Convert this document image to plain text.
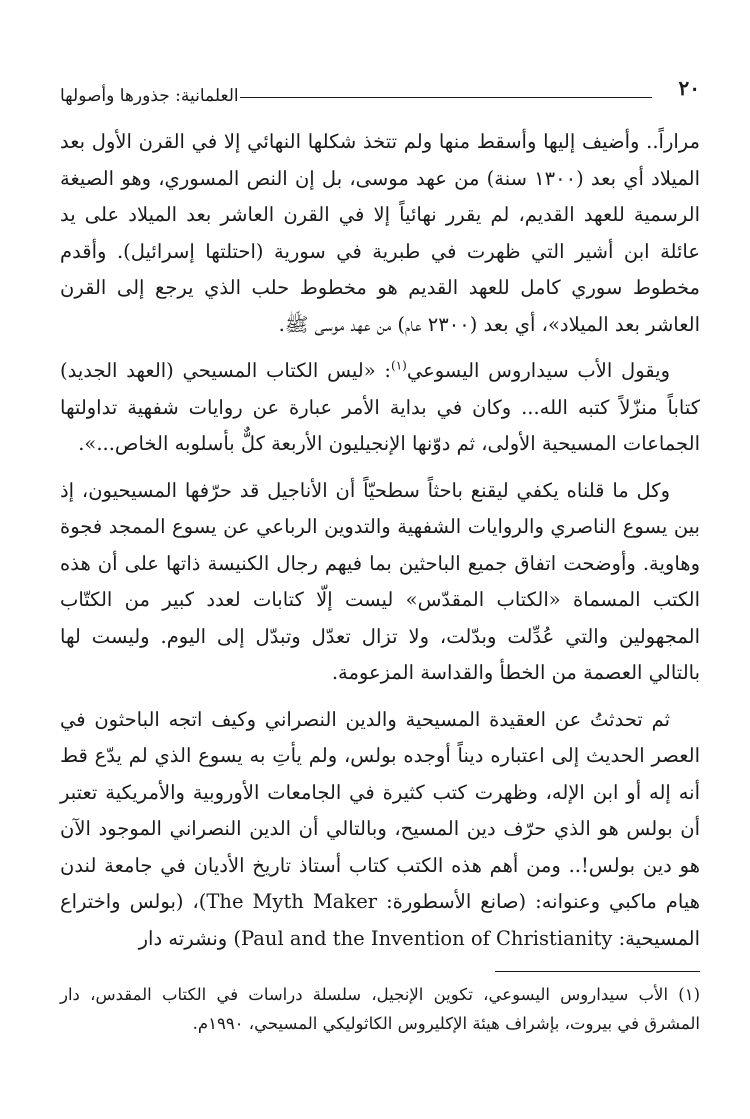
٢٠
العلمانية: جذورها وأصولها

مراراً.. وأضيف إليها وأسقط منها ولم تتخذ شكلها النهائي إلا في القرن الأول بعد الميلاد أي بعد (١٣٠٠ سنة) من عهد موسى، بل إن النص المسوري، وهو الصيغة الرسمية للعهد القديم، لم يقرر نهائياً إلا في القرن العاشر بعد الميلاد على يد عائلة ابن أشير التي ظهرت في طبرية في سورية (احتلتها إسرائيل). وأقدم مخطوط سوري كامل للعهد القديم هو مخطوط حلب الذي يرجع إلى القرن العاشر بعد الميلاد»، أي بعد (٢٣٠٠ عام) من عهد موسى ﷺ.

ويقول الأب سيداروس اليسوعي$^{(١)}$: «ليس الكتاب المسيحي (العهد الجديد) كتاباً منزّلاً كتبه الله... وكان في بداية الأمر عبارة عن روايات شفهية تداولتها الجماعات المسيحية الأولى، ثم دوّنها الإنجيليون الأربعة كلٌّ بأسلوبه الخاص...».

وكل ما قلناه يكفي ليقنع باحثاً سطحيّاً أن الأناجيل قد حرّفها المسيحيون، إذ بين يسوع الناصري والروايات الشفهية والتدوين الرباعي عن يسوع الممجد فجوة وهاوية. وأوضحت اتفاق جميع الباحثين بما فيهم رجال الكنيسة ذاتها على أن هذه الكتب المسماة «الكتاب المقدّس» ليست إلّا كتابات لعدد كبير من الكتّاب المجهولين والتي عُدِّلت وبدّلت، ولا تزال تعدّل وتبدّل إلى اليوم. وليست لها بالتالي العصمة من الخطأ والقداسة المزعومة.

ثم تحدثتُ عن العقيدة المسيحية والدين النصراني وكيف اتجه الباحثون في العصر الحديث إلى اعتباره ديناً أوجده بولس، ولم يأتِ به يسوع الذي لم يدّع قط أنه إله أو ابن الإله، وظهرت كتب كثيرة في الجامعات الأوروبية والأمريكية تعتبر أن بولس هو الذي حرّف دين المسيح، وبالتالي أن الدين النصراني الموجود الآن هو دين بولس!.. ومن أهم هذه الكتب كتاب أستاذ تاريخ الأديان في جامعة لندن هيام ماكبي وعنوانه: (صانع الأسطورة: The Myth Maker)، (بولس واختراع المسيحية: Paul and the Invention of Christianity) ونشرته دار

(١) الأب سيداروس اليسوعي، تكوين الإنجيل، سلسلة دراسات في الكتاب المقدس، دار المشرق في بيروت، بإشراف هيئة الإكليروس الكاثوليكي المسيحي، ١٩٩٠م.
